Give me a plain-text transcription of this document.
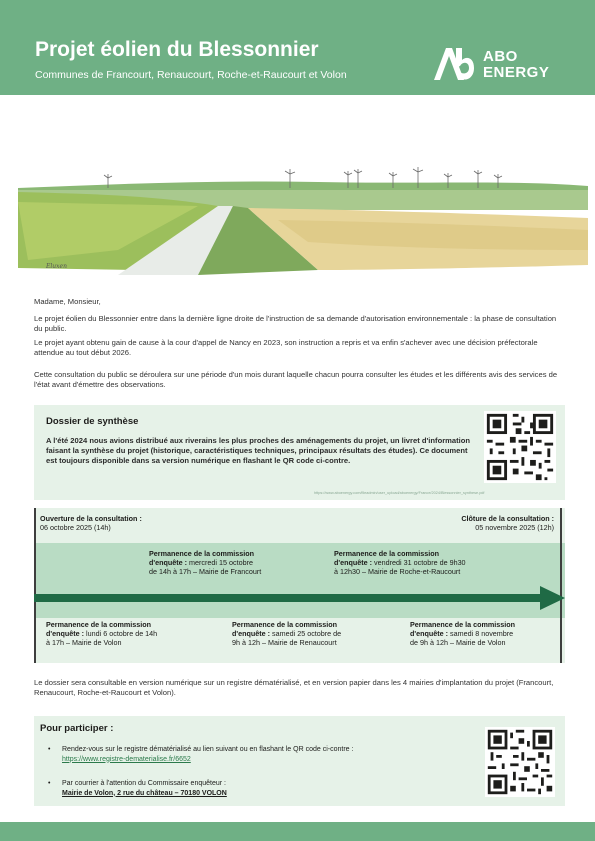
Projet éolien du Blessonnier
Communes de Francourt, Renaucourt, Roche-et-Raucourt et Volon
ABO
ENERGY
Eluxen
Madame, Monsieur,
Le projet éolien du Blessonnier entre dans la dernière ligne droite de l'instruction de sa demande d'autorisation environnementale : la phase de consultation du public.
Le projet ayant obtenu gain de cause à la cour d'appel de Nancy en 2023, son instruction a repris et va enfin s'achever avec une décision préfectorale attendue au tout début 2026.
Cette consultation du public se déroulera sur une période d'un mois durant laquelle chacun pourra consulter les études et les différents avis des services de l'état avant d'émettre des observations.
Dossier de synthèse
A l'été 2024 nous avions distribué aux riverains les plus proches des aménagements du projet, un livret d'information faisant la synthèse du projet (historique, caractéristiques techniques, principaux résultats des études). Ce document est toujours disponible dans sa version numérique en flashant le QR code ci-contre.
https://www.aboenergy.com/fileadmin/user_upload/aboenergy/France/2024/Blessonnier_synthese.pdf
Ouverture de la consultation :
06 octobre 2025 (14h)
Clôture de la consultation :
05 novembre 2025 (12h)
Permanence de la commission
d'enquête : mercredi 15 octobre
de 14h à 17h – Mairie de Francourt
Permanence de la commission
d'enquête : vendredi 31 octobre de 9h30
à 12h30 – Mairie de Roche-et-Raucourt
Permanence de la commission
d'enquête : lundi 6 octobre de 14h
à 17h – Mairie de Volon
Permanence de la commission
d'enquête : samedi 25 octobre de
9h à 12h – Mairie de Renaucourt
Permanence de la commission
d'enquête : samedi 8 novembre
de 9h à 12h – Mairie de Volon
Le dossier sera consultable en version numérique sur un registre dématérialisé, et en version papier dans les 4 mairies d'implantation du projet (Francourt, Renaucourt, Roche-et-Raucourt et Volon).
Pour participer :
• Rendez-vous sur le registre dématérialisé au lien suivant ou en flashant le QR code ci-contre :
https://www.registre-dematerialise.fr/6652
• Par courrier à l'attention du Commissaire enquêteur :
Mairie de Volon, 2 rue du château – 70180 VOLON
